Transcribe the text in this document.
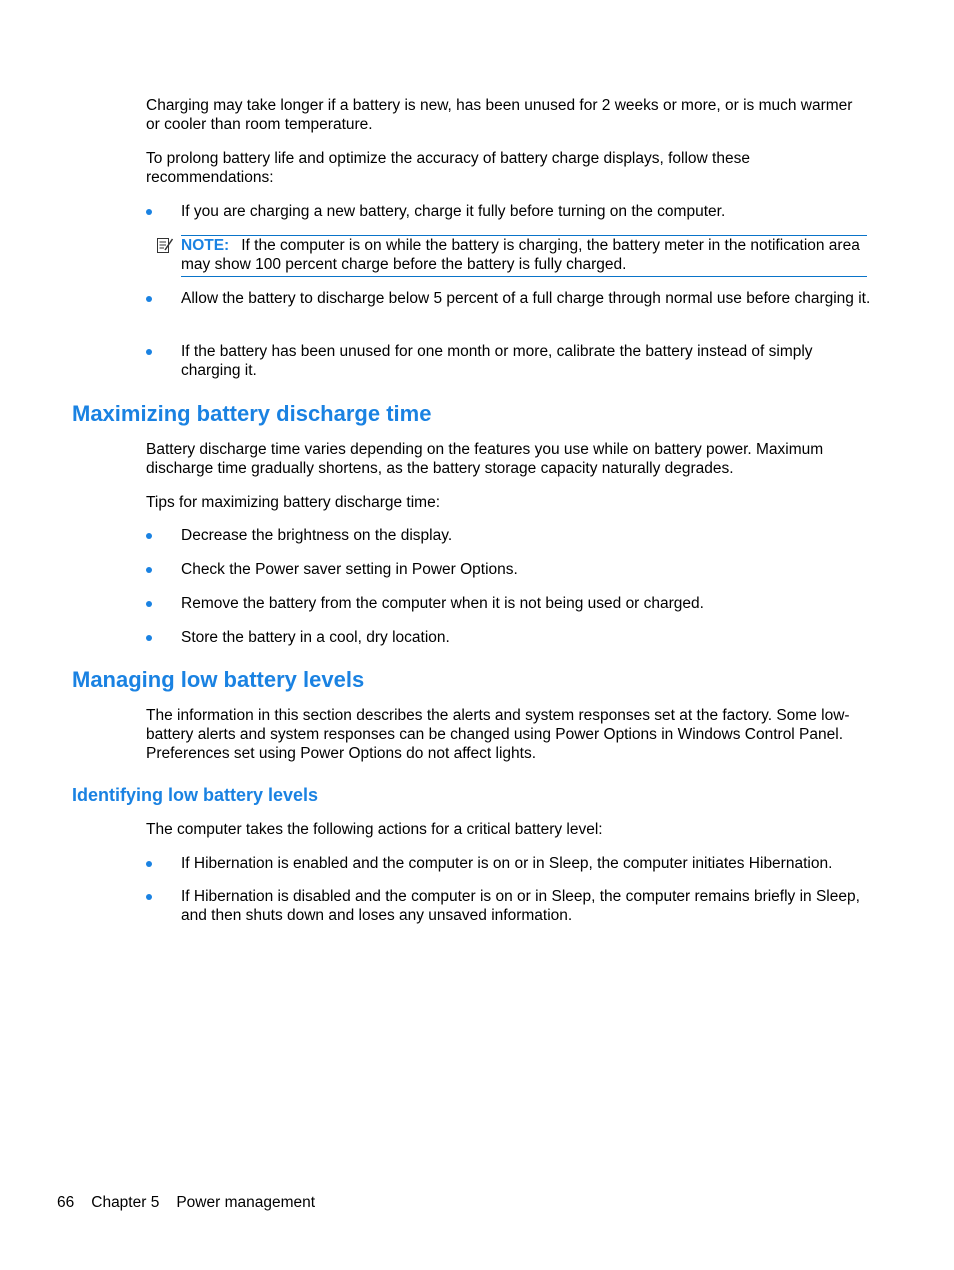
Charging may take longer if a battery is new, has been unused for 2 weeks or more, or is much warmer or cooler than room temperature.

To prolong battery life and optimize the accuracy of battery charge displays, follow these recommendations:

If you are charging a new battery, charge it fully before turning on the computer.

NOTE: If the computer is on while the battery is charging, the battery meter in the notification area may show 100 percent charge before the battery is fully charged.

Allow the battery to discharge below 5 percent of a full charge through normal use before charging it.

If the battery has been unused for one month or more, calibrate the battery instead of simply charging it.

Maximizing battery discharge time

Battery discharge time varies depending on the features you use while on battery power. Maximum discharge time gradually shortens, as the battery storage capacity naturally degrades.

Tips for maximizing battery discharge time:

Decrease the brightness on the display.

Check the Power saver setting in Power Options.

Remove the battery from the computer when it is not being used or charged.

Store the battery in a cool, dry location.

Managing low battery levels

The information in this section describes the alerts and system responses set at the factory. Some low-battery alerts and system responses can be changed using Power Options in Windows Control Panel. Preferences set using Power Options do not affect lights.

Identifying low battery levels

The computer takes the following actions for a critical battery level:

If Hibernation is enabled and the computer is on or in Sleep, the computer initiates Hibernation.

If Hibernation is disabled and the computer is on or in Sleep, the computer remains briefly in Sleep, and then shuts down and loses any unsaved information.

66 Chapter 5 Power management
